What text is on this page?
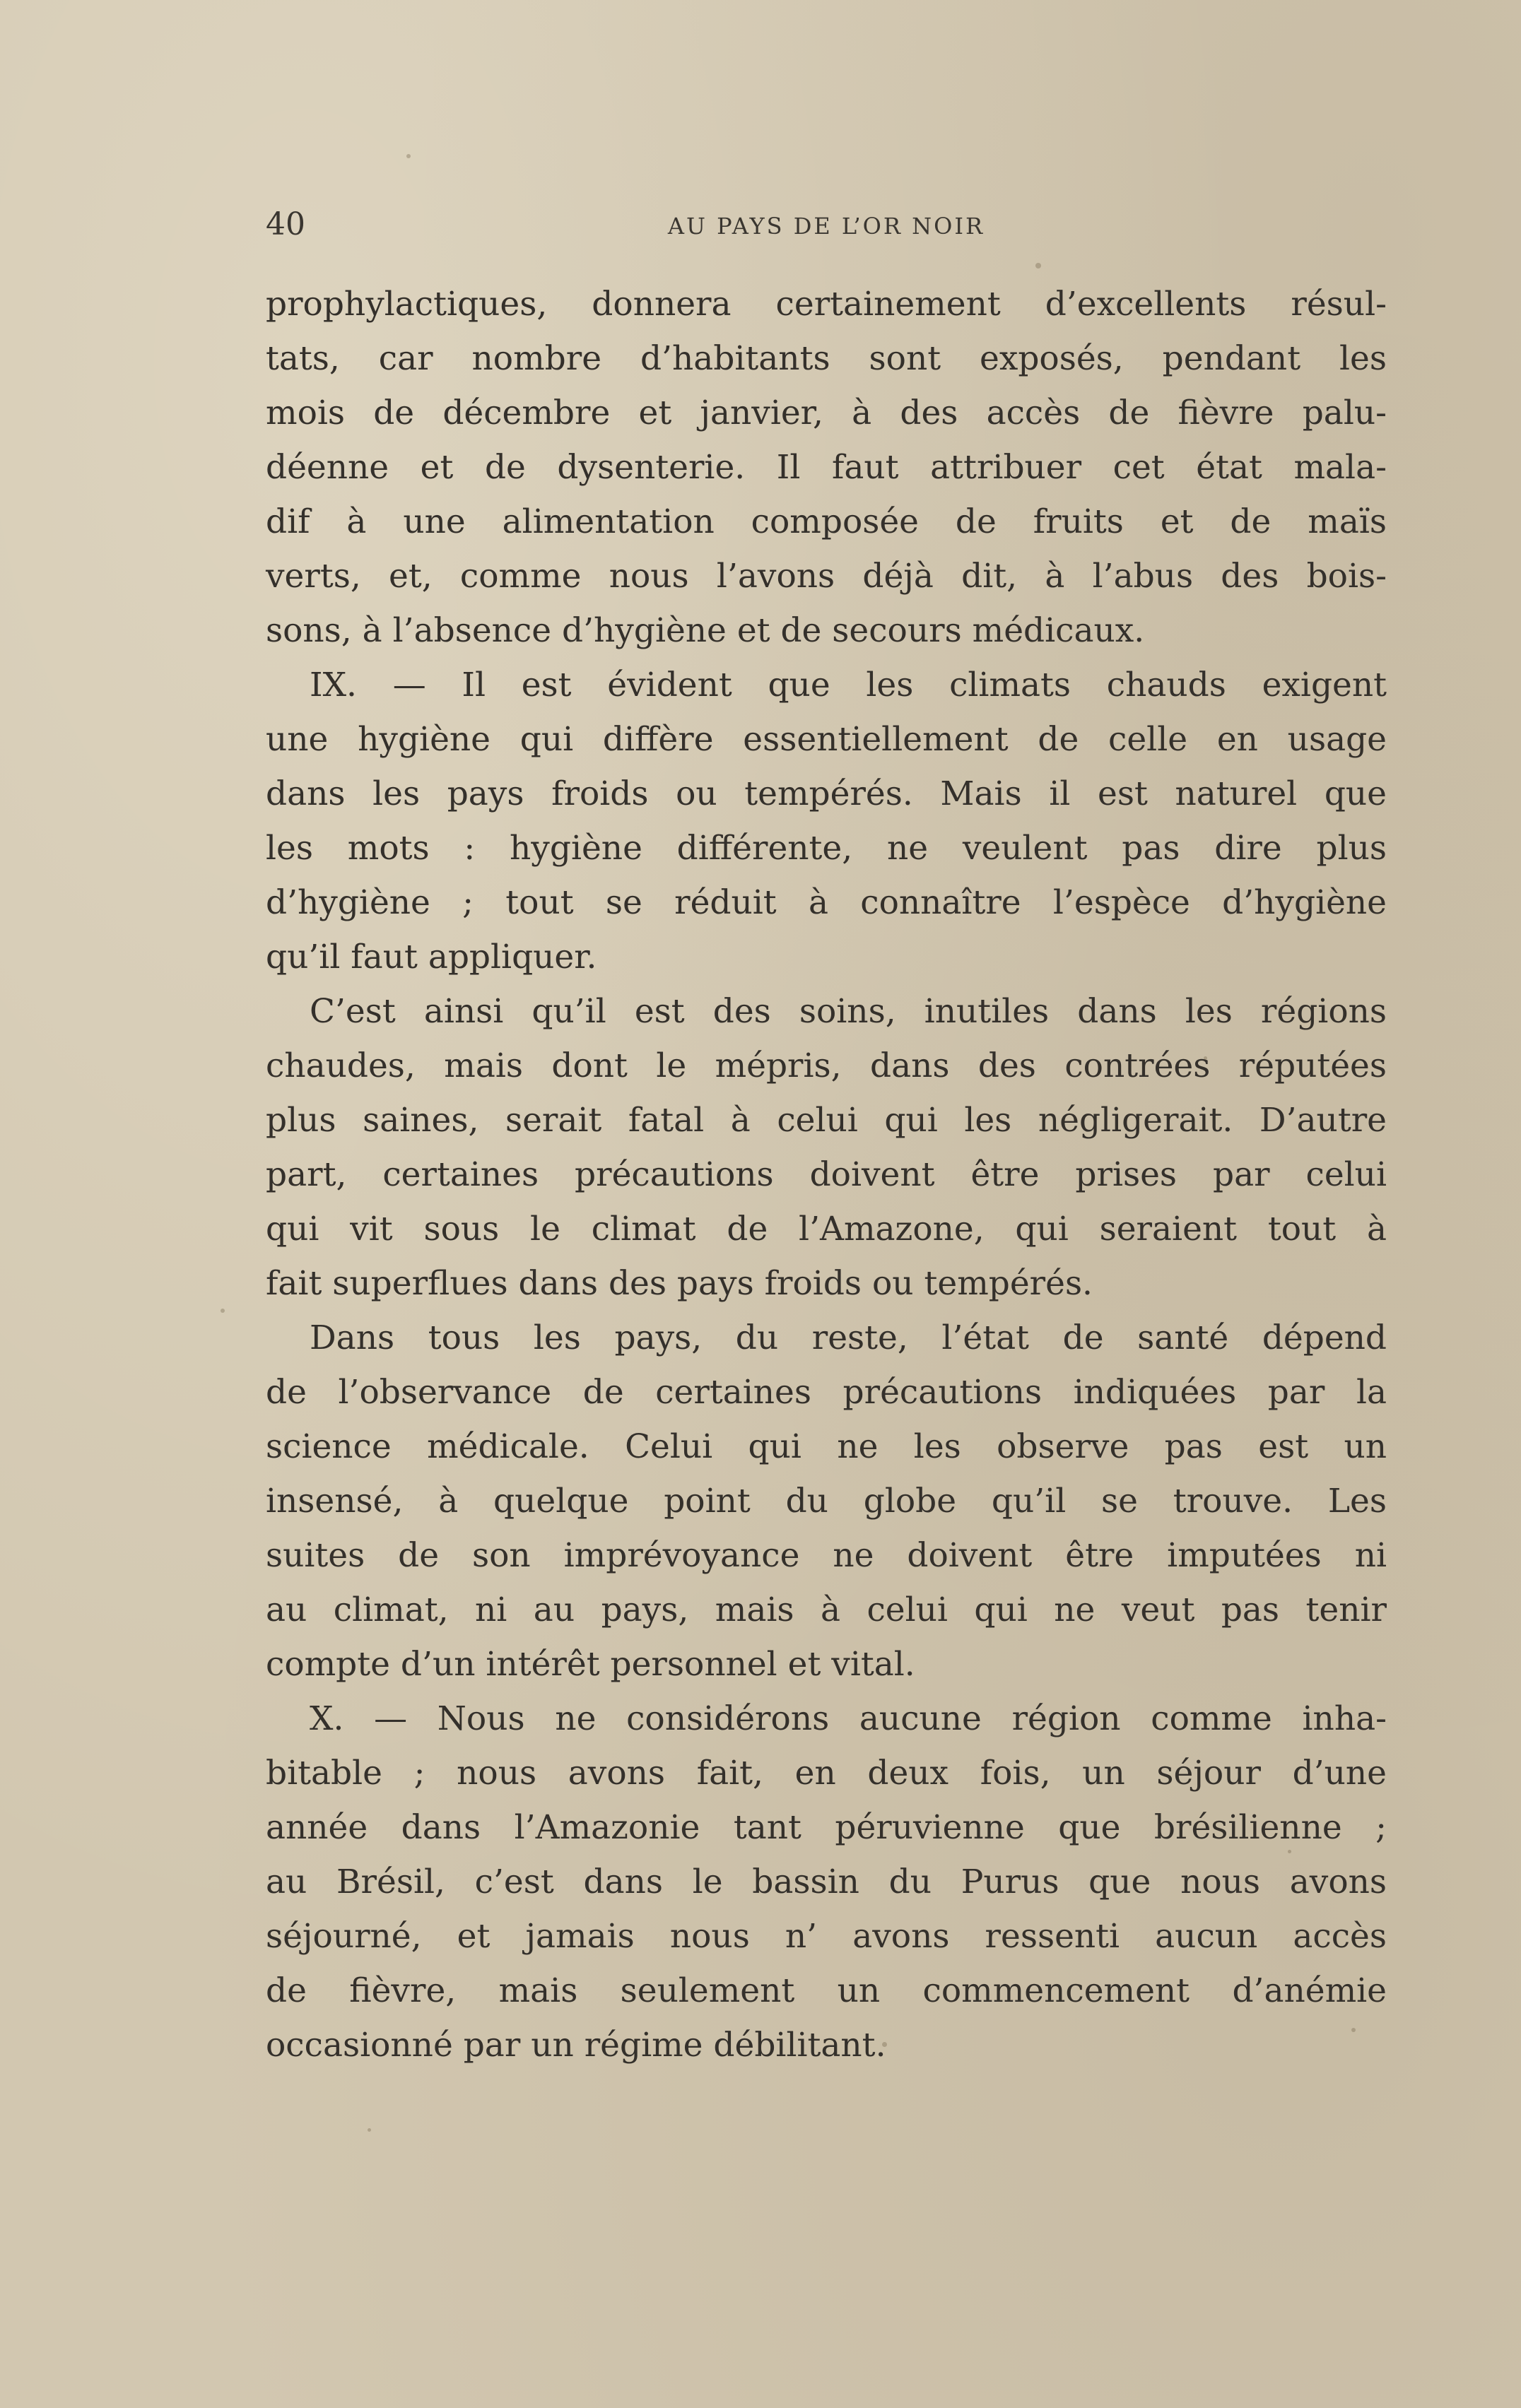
40	AU PAYS DE L’OR NOIR
prophylactiques, donnera certainement d’excellents résul-
tats, car nombre d’habitants sont exposés, pendant les
mois de décembre et janvier, à des accès de fièvre palu-
déenne et de dysenterie. Il faut attribuer cet état mala-
dif à une alimentation composée de fruits et de maïs
verts, et, comme nous l’avons déjà dit, à l’abus des bois-
sons, à l’absence d’hygiène et de secours médicaux.
IX. — Il est évident que les climats chauds exigent
une hygiène qui diffère essentiellement de celle en usage
dans les pays froids ou tempérés. Mais il est naturel que
les mots : hygiène différente, ne veulent pas dire plus
d’hygiène ; tout se réduit à connaître l’espèce d’hygiène
qu’il faut appliquer.
C’est ainsi qu’il est des soins, inutiles dans les régions
chaudes, mais dont le mépris, dans des contrées réputées
plus saines, serait fatal à celui qui les négligerait. D’autre
part, certaines précautions doivent être prises par celui
qui vit sous le climat de l’Amazone, qui seraient tout à
fait superflues dans des pays froids ou tempérés.
Dans tous les pays, du reste, l’état de santé dépend
de l’observance de certaines précautions indiquées par la
science médicale. Celui qui ne les observe pas est un
insensé, à quelque point du globe qu’il se trouve. Les
suites de son imprévoyance ne doivent être imputées ni
au climat, ni au pays, mais à celui qui ne veut pas tenir
compte d’un intérêt personnel et vital.
X. — Nous ne considérons aucune région comme inha-
bitable ; nous avons fait, en deux fois, un séjour d’une
année dans l’Amazonie tant péruvienne que brésilienne ;
au Brésil, c’est dans le bassin du Purus que nous avons
séjourné, et jamais nous n’ avons ressenti aucun accès
de fièvre, mais seulement un commencement d’anémie
occasionné par un régime débilitant.
